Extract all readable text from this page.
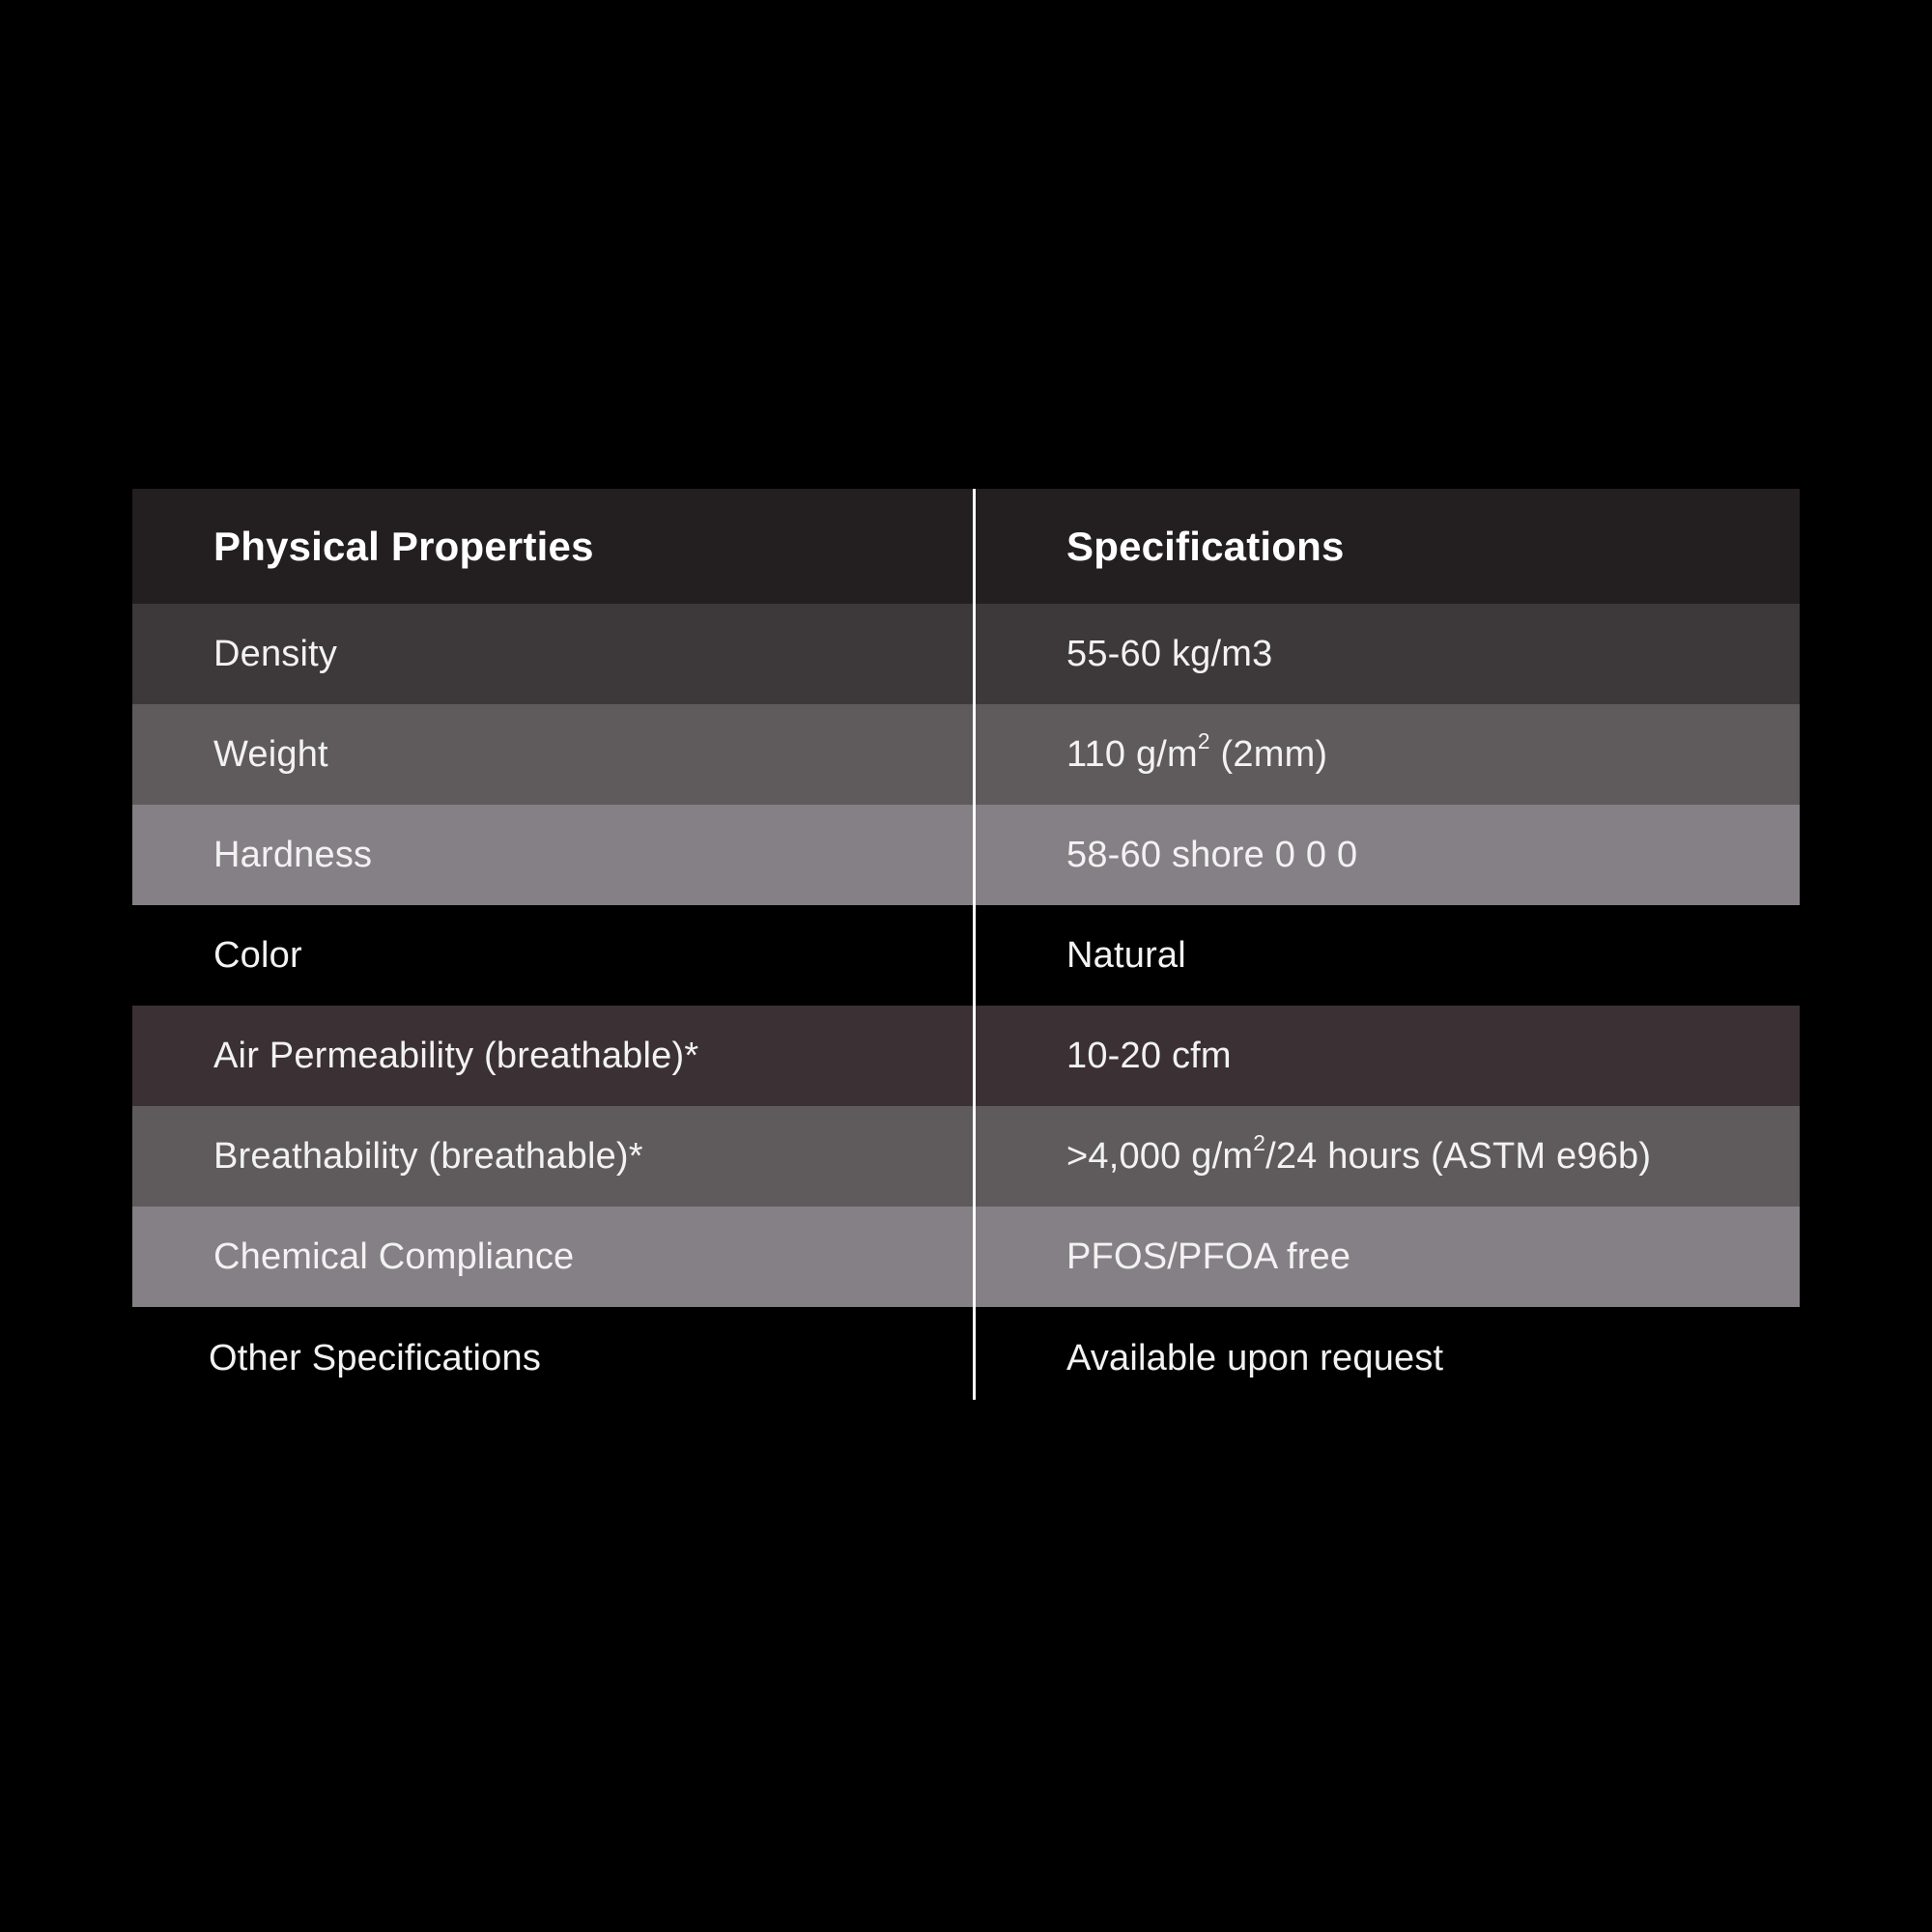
Physical Properties	Specifications
Density	55-60 kg/m3
Weight	110 $g/m^2$ (2mm)
Hardness	58-60 shore 0 0 0
Color	Natural
Air Permeability (breathable)*	10-20 cfm
Breathability (breathable)*	>4,000 $g/m^2/24$ hours (ASTM e96b)
Chemical Compliance	PFOS/PFOA free
Other Specifications	Available upon request
